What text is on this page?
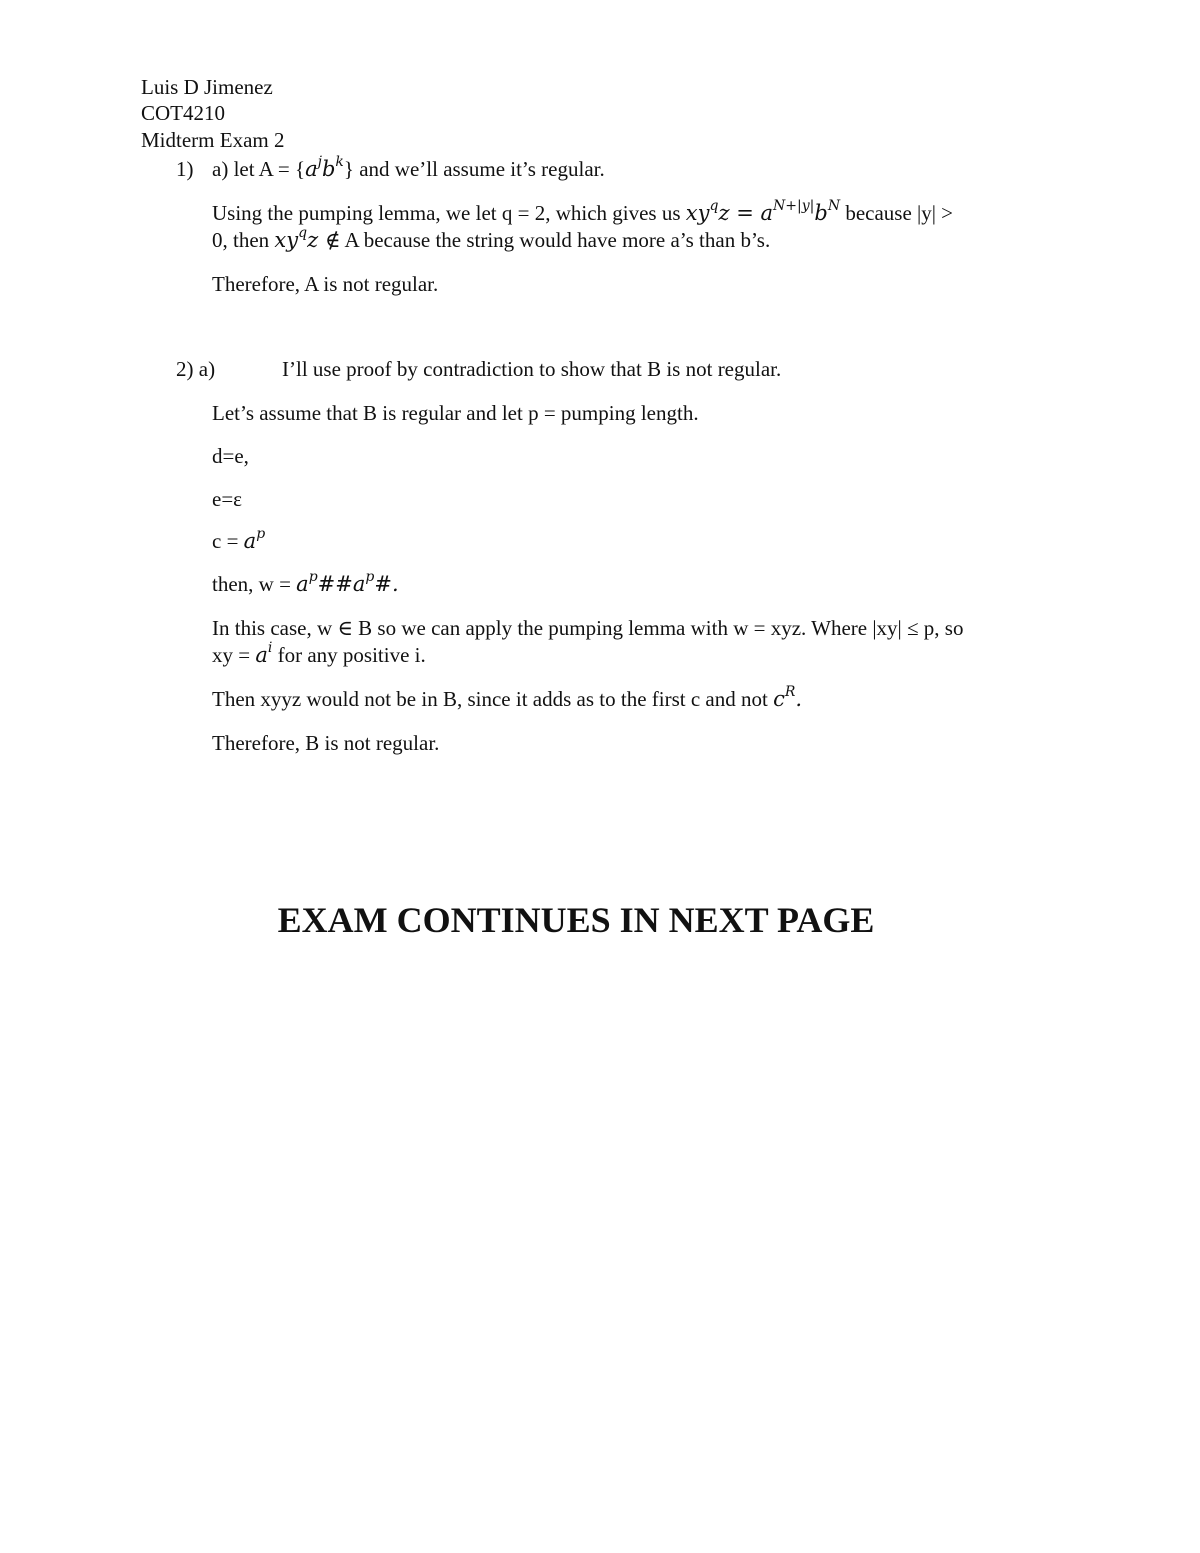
Luis D Jimenez
COT4210
Midterm Exam 2
1) a) let $A = \{a^jb^k\}$ and we’ll assume it’s regular.
Using the pumping lemma, we let q = 2, which gives us $xy^qz = a^{N+|y|}b^N$ because |y| >
0, then $xy^qz$ ∉ A because the string would have more a’s than b’s.
Therefore, A is not regular.
2) a)	I’ll use proof by contradiction to show that B is not regular.
Let’s assume that B is regular and let p = pumping length.
d=e,
e=ε
$c = a^p$
then, $w = a^p\#\#a^p\#$.
In this case, w ∈ B so we can apply the pumping lemma with w = xyz. Where |xy| ≤ p, so
xy = $a^i$ for any positive i.
Then xyyz would not be in B, since it adds as to the first c and not $c^R$.
Therefore, B is not regular.
EXAM CONTINUES IN NEXT PAGE
